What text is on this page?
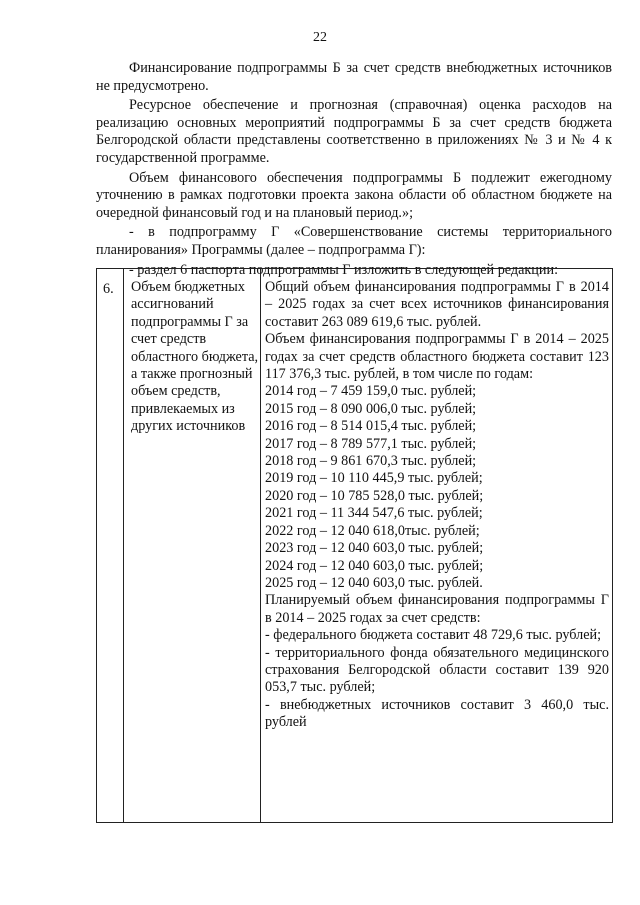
22

Финансирование подпрограммы Б за счет средств внебюджетных источников не предусмотрено.

Ресурсное обеспечение и прогнозная (справочная) оценка расходов на реализацию основных мероприятий подпрограммы Б за счет средств бюджета Белгородской области представлены соответственно в приложениях № 3 и № 4 к государственной программе.

Объем финансового обеспечения подпрограммы Б подлежит ежегодному уточнению в рамках подготовки проекта закона области об областном бюджете на очередной финансовый год и на плановый период.»;

- в подпрограмму Г «Совершенствование системы территориального планирования» Программы (далее – подпрограмма Г):

- раздел 6 паспорта подпрограммы Г изложить в следующей редакции:

6. Объем бюджетных ассигнований подпрограммы Г за счет средств областного бюджета, а также прогнозный объем средств, привлекаемых из других источников

Общий объем финансирования подпрограммы Г в 2014 – 2025 годах за счет всех источников финансирования составит 263 089 619,6 тыс. рублей.

Объем финансирования подпрограммы Г в 2014 – 2025 годах за счет средств областного бюджета составит 123 117 376,3 тыс. рублей, в том числе по годам:

2014 год – 7 459 159,0 тыс. рублей;

2015 год – 8 090 006,0 тыс. рублей;

2016 год – 8 514 015,4 тыс. рублей;

2017 год – 8 789 577,1 тыс. рублей;

2018 год – 9 861 670,3 тыс. рублей;

2019 год – 10 110 445,9 тыс. рублей;

2020 год – 10 785 528,0 тыс. рублей;

2021 год – 11 344 547,6 тыс. рублей;

2022 год – 12 040 618,0тыс. рублей;

2023 год – 12 040 603,0 тыс. рублей;

2024 год – 12 040 603,0 тыс. рублей;

2025 год – 12 040 603,0 тыс. рублей.

Планируемый объем финансирования подпрограммы Г в 2014 – 2025 годах за счет средств:

- федерального бюджета составит 48 729,6 тыс. рублей;

- территориального фонда обязательного медицинского страхования Белгородской области составит 139 920 053,7 тыс. рублей;

- внебюджетных источников составит 3 460,0 тыс. рублей
